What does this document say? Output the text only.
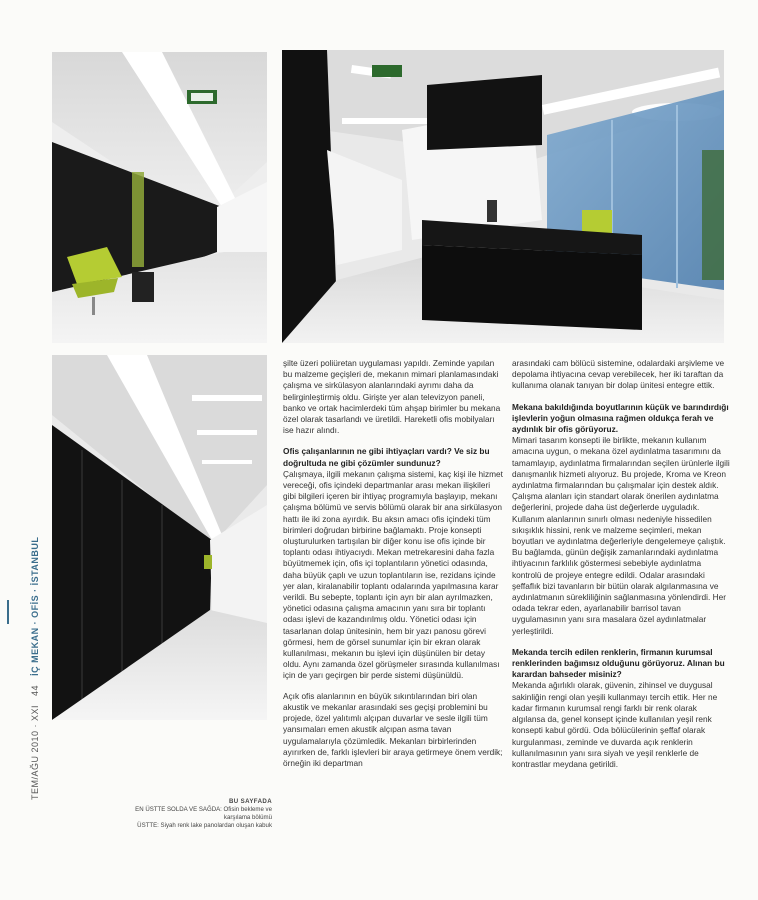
TEM/AĞU 2010 · XXI   44   İÇ MEKAN · OFİS · İSTANBUL
BU SAYFADA
EN ÜSTTE SOLDA VE SAĞDA: Ofisin bekleme ve
karşılama bölümü
ÜSTTE: Siyah renk lake panolardan oluşan kabuk

şilte üzeri poliüretan uygulaması yapıldı. Zeminde yapılan bu malzeme geçişleri de, mekanın mimari planlamasındaki çalışma ve sirkülasyon alanlarındaki ayrımı daha da belirginleştirmiş oldu. Girişte yer alan televizyon paneli, banko ve ortak hacimlerdeki tüm ahşap birimler bu mekana özel olarak tasarlandı ve üretildi. Hareketli ofis mobilyaları ise hazır alındı.

Ofis çalışanlarının ne gibi ihtiyaçları vardı? Ve siz bu doğrultuda ne gibi çözümler sundunuz?

Çalışmaya, ilgili mekanın çalışma sistemi, kaç kişi ile hizmet vereceği, ofis içindeki departmanlar arası mekan ilişkileri gibi bilgileri içeren bir ihtiyaç programıyla başlayıp, mekanı çalışma bölümü ve servis bölümü olarak bir ana sirkülasyon hattı ile iki zona ayırdık. Bu aksın amacı ofis içindeki tüm birimleri doğrudan birbirine bağlamaktı. Proje konsepti oluşturulurken tartışılan bir diğer konu ise ofis içinde bir toplantı odası ihtiyacıydı. Mekan metrekaresini daha fazla büyütmemek için, ofis içi toplantıların yönetici odasında, daha büyük çaplı ve uzun toplantıların ise, rezidans içinde yer alan, kiralanabilir toplantı odalarında yapılmasına karar verildi. Bu sebepte, toplantı için ayrı bir alan ayrılmazken, yönetici odasına çalışma amacının yanı sıra bir toplantı odası işlevi de kazandırılmış oldu. Yönetici odası için tasarlanan dolap ünitesinin, hem bir yazı panosu görevi görmesi, hem de görsel sunumlar için bir ekran olarak kullanılması, mekanın bu işlevi için düşünülen bir detay oldu. Aynı zamanda özel görüşmeler sırasında kullanılması için de yarı geçirgen bir perde sistemi düşünüldü.

Açık ofis alanlarının en büyük sıkıntılarından biri olan akustik ve mekanlar arasındaki ses geçişi problemini bu projede, özel yalıtımlı alçıpan duvarlar ve sesle ilgili tüm yansımaları emen akustik alçıpan asma tavan uygulamalarıyla çözümledik. Mekanları birbirlerinden ayırırken de, farklı işlevleri bir araya getirmeye önem verdik; örneğin iki departman

arasındaki cam bölücü sistemine, odalardaki arşivleme ve depolama ihtiyacına cevap verebilecek, her iki taraftan da kullanıma olanak tanıyan bir dolap ünitesi entegre ettik.

Mekana bakıldığında boyutlarının küçük ve barındırdığı işlevlerin yoğun olmasına rağmen oldukça ferah ve aydınlık bir ofis görüyoruz.

Mimari tasarım konsepti ile birlikte, mekanın kullanım amacına uygun, o mekana özel aydınlatma tasarımını da tamamlayıp, aydınlatma firmalarından seçilen ürünlerle ilgili danışmanlık hizmeti alıyoruz. Bu projede, Kroma ve Kreon aydınlatma firmalarından bu çalışmalar için destek aldık. Çalışma alanları için standart olarak önerilen aydınlatma değerlerini, projede daha üst değerlerde uyguladık. Kullanım alanlarının sınırlı olması nedeniyle hissedilen sıkışıklık hissini, renk ve malzeme seçimleri, mekan boyutları ve aydınlatma değerleriyle dengelemeye çalıştık. Bu bağlamda, günün değişik zamanlarındaki aydınlatma ihtiyacının farklılık göstermesi sebebiyle aydınlatma kontrolü de projeye entegre edildi. Odalar arasındaki şeffaflık bizi tavanların bir bütün olarak algılanmasına ve aydınlatmanın sürekliliğinin sağlanmasına yönlendirdi. Her odada tekrar eden, ayarlanabilir barrisol tavan uygulamasının yanı sıra masalara özel aydınlatmalar yerleştirildi.

Mekanda tercih edilen renklerin, firmanın kurumsal renklerinden bağımsız olduğunu görüyoruz. Alınan bu karardan bahseder misiniz?

Mekanda ağırlıklı olarak, güvenin, zihinsel ve duygusal sakinliğin rengi olan yeşili kullanmayı tercih ettik. Her ne kadar firmanın kurumsal rengi farklı bir renk olarak algılansa da, genel konsept içinde kullanılan yeşil renk konsepti kabul gördü. Oda bölücülerinin şeffaf olarak kurgulanması, zeminde ve duvarda açık renklerin kullanılmasının yanı sıra siyah ve yeşil renklerle de kontrastlar meydana getirildi.
